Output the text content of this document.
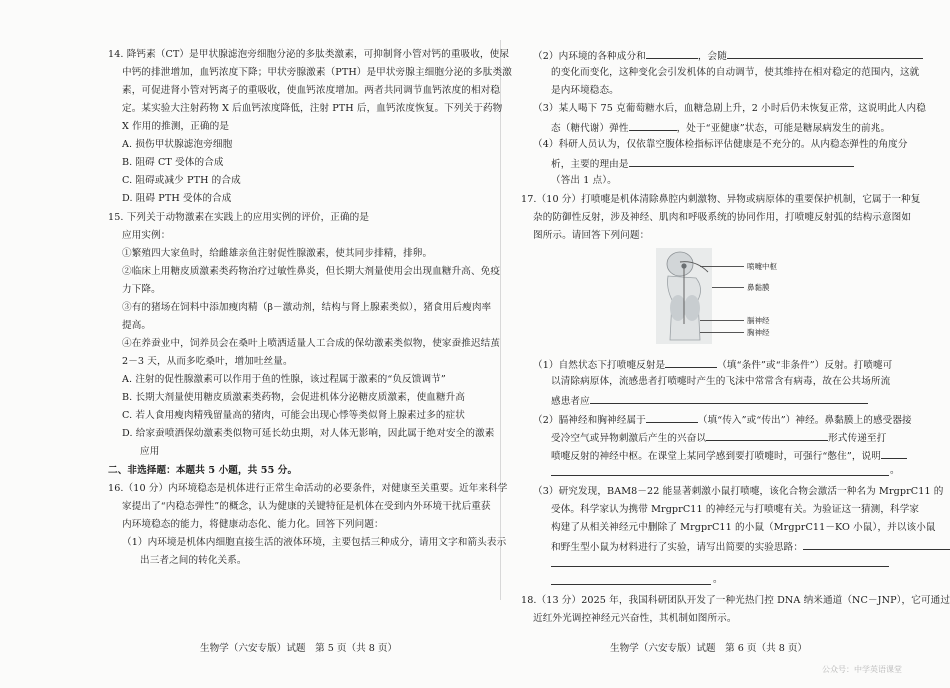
14. 降钙素（CT）是甲状腺滤泡旁细胞分泌的多肽类激素，可抑制肾小管对钙的重吸收，使尿
中钙的排泄增加，血钙浓度下降；甲状旁腺激素（PTH）是甲状旁腺主细胞分泌的多肽类激
素，可促进肾小管对钙离子的重吸收，使血钙浓度增加。两者共同调节血钙浓度的相对稳
定。某实验大注射药物 X 后血钙浓度降低，注射 PTH 后，血钙浓度恢复。下列关于药物
X 作用的推测，正确的是
A. 损伤甲状腺滤泡旁细胞
B. 阻碍 CT 受体的合成
C. 阻碍或减少 PTH 的合成
D. 阻碍 PTH 受体的合成
15. 下列关于动物激素在实践上的应用实例的评价，正确的是
应用实例：
①繁殖四大家鱼时，给雌雄亲鱼注射促性腺激素，使其同步排精，排卵。
②临床上用糖皮质激素类药物治疗过敏性鼻炎，但长期大剂量使用会出现血糖升高、免疫
力下降。
③有的猪场在饲料中添加瘦肉精（β－激动剂，结构与肾上腺素类似），猪食用后瘦肉率
提高。
④在养蚕业中，饲养员会在桑叶上喷洒适量人工合成的保幼激素类似物，使家蚕推迟结茧
2－3 天，从而多吃桑叶，增加吐丝量。
A. 注射的促性腺激素可以作用于鱼的性腺，该过程属于激素的“负反馈调节”
B. 长期大剂量使用糖皮质激素类药物，会促进机体分泌糖皮质激素，使血糖升高
C. 若人食用瘦肉精残留量高的猪肉，可能会出现心悸等类似肾上腺素过多的症状
D. 给家蚕喷洒保幼激素类似物可延长幼虫期，对人体无影响，因此属于绝对安全的激素
应用
二、非选择题：本题共 5 小题，共 55 分。
16.（10 分）内环境稳态是机体进行正常生命活动的必要条件，对健康至关重要。近年来科学
家提出了“内稳态弹性”的概念，认为健康的关键特征是机体在受到内外环境干扰后重获
内环境稳态的能力，将健康动态化、能力化。回答下列问题：
（1）内环境是机体内细胞直接生活的液体环境，主要包括三种成分，请用文字和箭头表示
出三者之间的转化关系。
生物学（六安专版）试题　第 5 页（共 8 页）
（2）内环境的各种成分和	，会随
的变化而变化，这种变化会引发机体的自动调节，使其维持在相对稳定的范围内，这就
是内环境稳态。
（3）某人喝下 75 克葡萄糖水后，血糖急剧上升，2 小时后仍未恢复正常，这说明此人内稳
态（糖代谢）弹性	，处于“亚健康”状态，可能是糖尿病发生的前兆。
（4）科研人员认为，仅依靠空腹体检指标评估健康是不充分的。从内稳态弹性的角度分
析，主要的理由是
（答出 1 点）。
17.（10 分）打喷嚏是机体清除鼻腔内刺激物、异物或病原体的重要保护机制，它属于一种复
杂的防御性反射，涉及神经、肌肉和呼吸系统的协同作用，打喷嚏反射弧的结构示意图如
图所示。请回答下列问题：
喷嚏中枢
鼻黏膜
膈神经
胸神经
（1）自然状态下打喷嚏反射是	（填“条件”或“非条件”）反射。打喷嚏可
以清除病原体，流感患者打喷嚏时产生的飞沫中常常含有病毒，故在公共场所流
感患者应
（2）膈神经和胸神经属于	（填“传入”或“传出”）神经。鼻黏膜上的感受器接
受冷空气或异物刺激后产生的兴奋以	形式传递至打
喷嚏反射的神经中枢。在课堂上某同学感到要打喷嚏时，可强行“憋住”，说明
。
（3）研究发现，BAM8－22 能显著刺激小鼠打喷嚏，该化合物会激活一种名为 MrgprC11 的
受体。科学家认为携带 MrgprC11 的神经元与打喷嚏有关。为验证这一猜测，科学家
构建了从相关神经元中删除了 MrgprC11 的小鼠（MrgprC11－KO 小鼠），并以该小鼠
和野生型小鼠为材料进行了实验，请写出简要的实验思路：
。
18.（13 分）2025 年，我国科研团队开发了一种光热门控 DNA 纳米通道（NC－JNP），它可通过
近红外光调控神经元兴奋性，其机制如图所示。
生物学（六安专版）试题　第 6 页（共 8 页）
公众号：中学英语课堂
